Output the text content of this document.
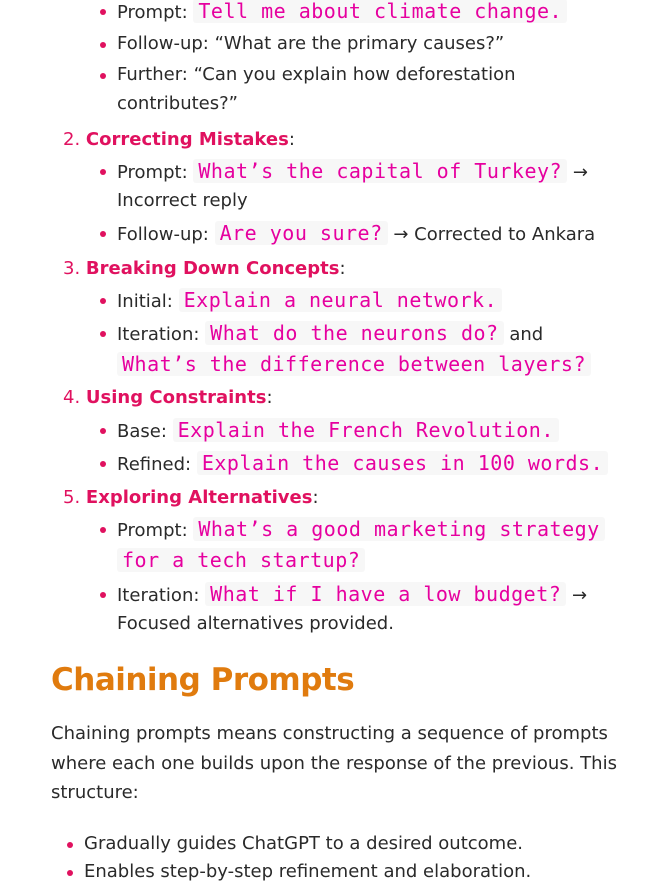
Prompt: Tell me about climate change.
Follow-up: “What are the primary causes?”
Further: “Can you explain how deforestation
contributes?”
2. Correcting Mistakes:
Prompt: What’s the capital of Turkey? →
Incorrect reply
Follow-up: Are you sure? → Corrected to Ankara
3. Breaking Down Concepts:
Initial: Explain a neural network.
Iteration: What do the neurons do? and
What’s the difference between layers?
4. Using Constraints:
Base: Explain the French Revolution.
Refined: Explain the causes in 100 words.
5. Exploring Alternatives:
Prompt: What’s a good marketing strategy
for a tech startup?
Iteration: What if I have a low budget? →
Focused alternatives provided.
Chaining Prompts
Chaining prompts means constructing a sequence of prompts
where each one builds upon the response of the previous. This
structure:
Gradually guides ChatGPT to a desired outcome.
Enables step-by-step refinement and elaboration.
